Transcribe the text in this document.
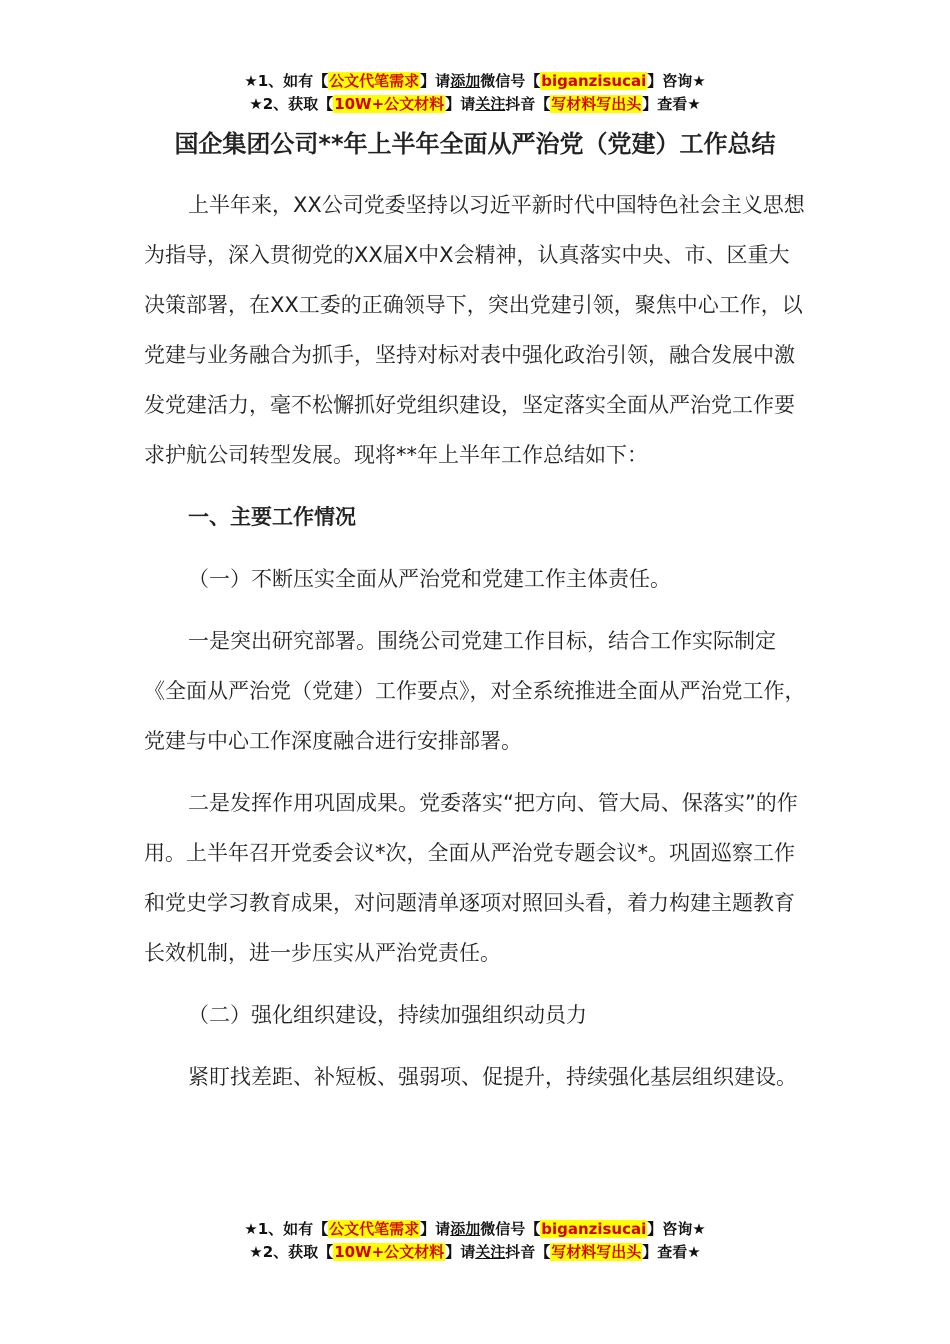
★1、如有【公文代笔需求】请添加微信号【biganzisucai】咨询★
★2、获取【10W+公文材料】请关注抖音【写材料写出头】查看★
国企集团公司**年上半年全面从严治党（党建）工作总结

上半年来，XX公司党委坚持以习近平新时代中国特色社会主义思想为指导，深入贯彻党的XX届X中X会精神，认真落实中央、市、区重大决策部署，在XX工委的正确领导下，突出党建引领，聚焦中心工作，以党建与业务融合为抓手，坚持对标对表中强化政治引领，融合发展中激发党建活力，毫不松懈抓好党组织建设，坚定落实全面从严治党工作要求护航公司转型发展。现将**年上半年工作总结如下：

一、主要工作情况

（一）不断压实全面从严治党和党建工作主体责任。

一是突出研究部署。围绕公司党建工作目标，结合工作实际制定《全面从严治党（党建）工作要点》，对全系统推进全面从严治党工作，党建与中心工作深度融合进行安排部署。

二是发挥作用巩固成果。党委落实“把方向、管大局、保落实”的作用。上半年召开党委会议*次，全面从严治党专题会议*。巩固巡察工作和党史学习教育成果，对问题清单逐项对照回头看，着力构建主题教育长效机制，进一步压实从严治党责任。

（二）强化组织建设，持续加强组织动员力

紧盯找差距、补短板、强弱项、促提升，持续强化基层组织建设。

★1、如有【公文代笔需求】请添加微信号【biganzisucai】咨询★
★2、获取【10W+公文材料】请关注抖音【写材料写出头】查看★
